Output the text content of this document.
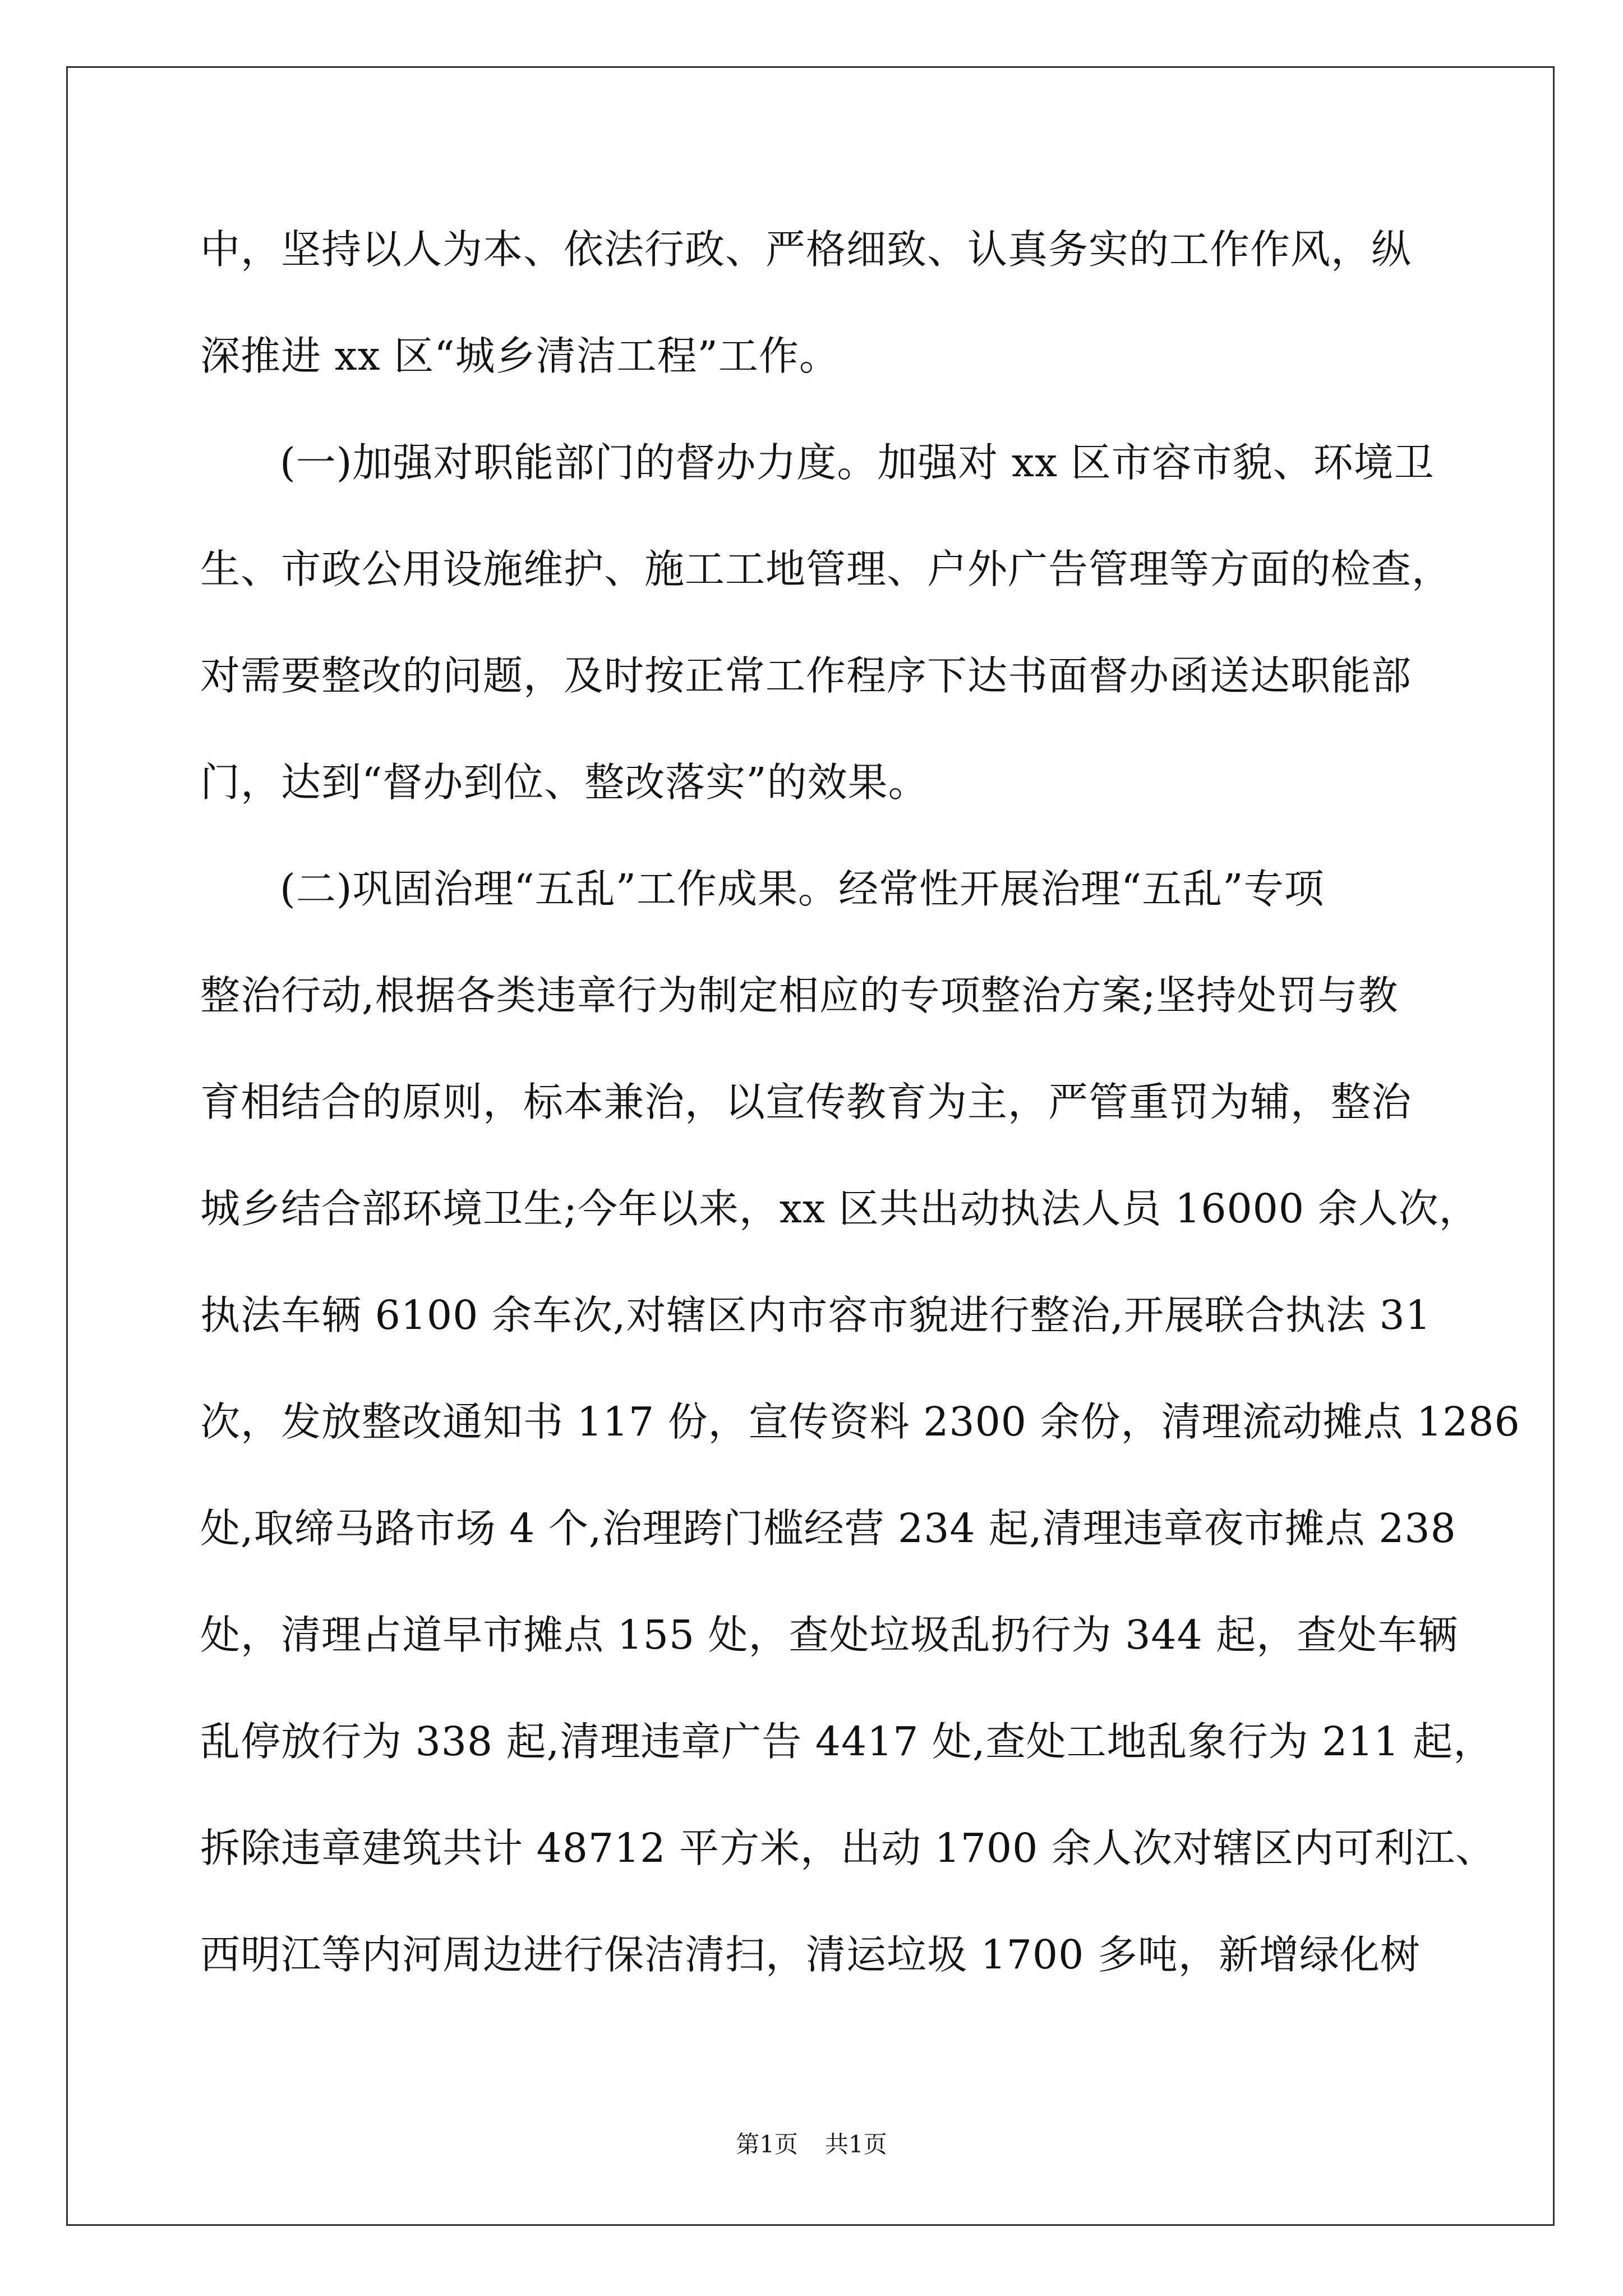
中，坚持以人为本、依法行政、严格细致、认真务实的工作作风，纵
深推进 xx 区“城乡清洁工程”工作。
(一)加强对职能部门的督办力度。加强对 xx 区市容市貌、环境卫
生、市政公用设施维护、施工工地管理、户外广告管理等方面的检查，
对需要整改的问题，及时按正常工作程序下达书面督办函送达职能部
门，达到“督办到位、整改落实”的效果。
(二)巩固治理“五乱”工作成果。经常性开展治理“五乱”专项
整治行动,根据各类违章行为制定相应的专项整治方案;坚持处罚与教
育相结合的原则，标本兼治，以宣传教育为主，严管重罚为辅，整治
城乡结合部环境卫生;今年以来，xx 区共出动执法人员 16000 余人次，
执法车辆 6100 余车次,对辖区内市容市貌进行整治,开展联合执法 31
次，发放整改通知书 117 份，宣传资料 2300 余份，清理流动摊点 1286
处,取缔马路市场 4 个,治理跨门槛经营 234 起,清理违章夜市摊点 238
处，清理占道早市摊点 155 处，查处垃圾乱扔行为 344 起，查处车辆
乱停放行为 338 起,清理违章广告 4417 处,查处工地乱象行为 211 起，
拆除违章建筑共计 48712 平方米，出动 1700 余人次对辖区内可利江、
西明江等内河周边进行保洁清扫，清运垃圾 1700 多吨，新增绿化树
第1页 共1页
